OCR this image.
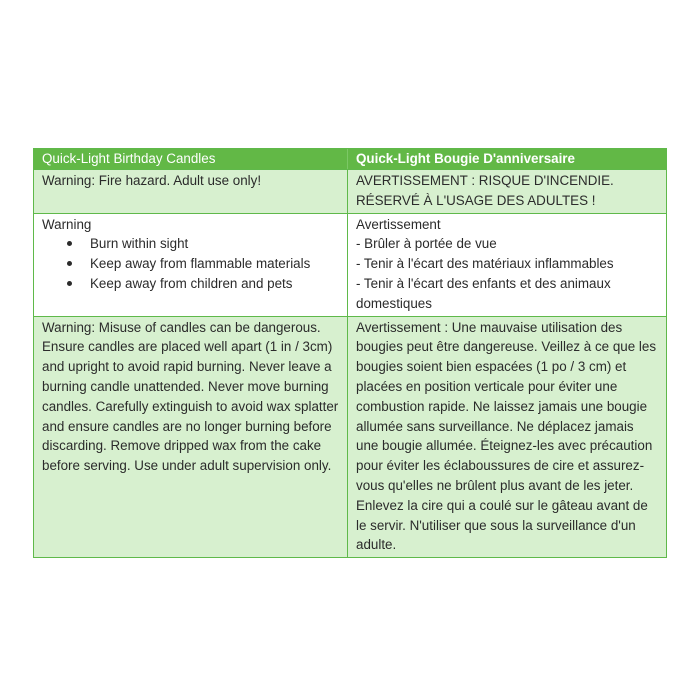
Quick-Light Birthday Candles	Quick-Light Bougie D'anniversaire
Warning: Fire hazard. Adult use only!	AVERTISSEMENT : RISQUE D'INCENDIE.
RÉSERVÉ À L'USAGE DES ADULTES !
Warning
Burn within sight
Keep away from flammable materials
Keep away from children and pets
Avertissement
- Brûler à portée de vue
- Tenir à l'écart des matériaux inflammables
- Tenir à l'écart des enfants et des animaux domestiques
Warning: Misuse of candles can be dangerous. Ensure candles are placed well apart (1 in / 3cm) and upright to avoid rapid burning. Never leave a burning candle unattended. Never move burning candles. Carefully extinguish to avoid wax splatter and ensure candles are no longer burning before discarding. Remove dripped wax from the cake before serving. Use under adult supervision only.
Avertissement : Une mauvaise utilisation des bougies peut être dangereuse. Veillez à ce que les bougies soient bien espacées (1 po / 3 cm) et placées en position verticale pour éviter une combustion rapide. Ne laissez jamais une bougie allumée sans surveillance. Ne déplacez jamais une bougie allumée. Éteignez-les avec précaution pour éviter les éclaboussures de cire et assurez-vous qu'elles ne brûlent plus avant de les jeter. Enlevez la cire qui a coulé sur le gâteau avant de le servir. N'utiliser que sous la surveillance d'un adulte.
